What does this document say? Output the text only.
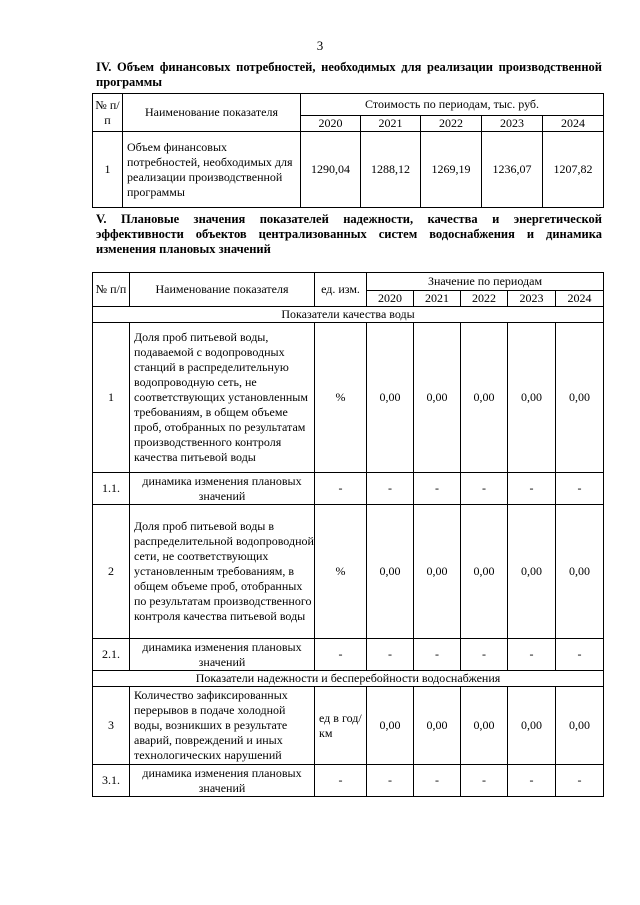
3
IV. Объем финансовых потребностей, необходимых для реализации производственной программы
№ п/п	Наименование показателя	Стоимость по периодам, тыс. руб.				
		2020	2021	2022	2023	2024
1	Объем финансовых потребностей, необходимых для реализации производственной программы	1290,04	1288,12	1269,19	1236,07	1207,82
V. Плановые значения показателей надежности, качества и энергетической эффективности объектов централизованных систем водоснабжения и динамика изменения плановых значений
№ п/п	Наименование показателя	ед. изм.	Значение по периодам				
			2020	2021	2022	2023	2024
Показатели качества воды							
1	Доля проб питьевой воды, подаваемой с водопроводных станций в распределительную водопроводную сеть, не соответствующих установленным требованиям, в общем объеме проб, отобранных по результатам производственного контроля качества питьевой воды	%	0,00	0,00	0,00	0,00	0,00
1.1.	динамика изменения плановых значений	-	-	-	-	-	-
2	Доля проб питьевой воды в распределительной водопроводной сети, не соответствующих установленным требованиям, в общем объеме проб, отобранных по результатам производственного контроля качества питьевой воды	%	0,00	0,00	0,00	0,00	0,00
2.1.	динамика изменения плановых значений	-	-	-	-	-	-
Показатели надежности и бесперебойности водоснабжения							
3	Количество зафиксированных перерывов в подаче холодной воды, возникших в результате аварий, повреждений и иных технологических нарушений	ед в год/ км	0,00	0,00	0,00	0,00	0,00
3.1.	динамика изменения плановых значений	-	-	-	-	-	-
